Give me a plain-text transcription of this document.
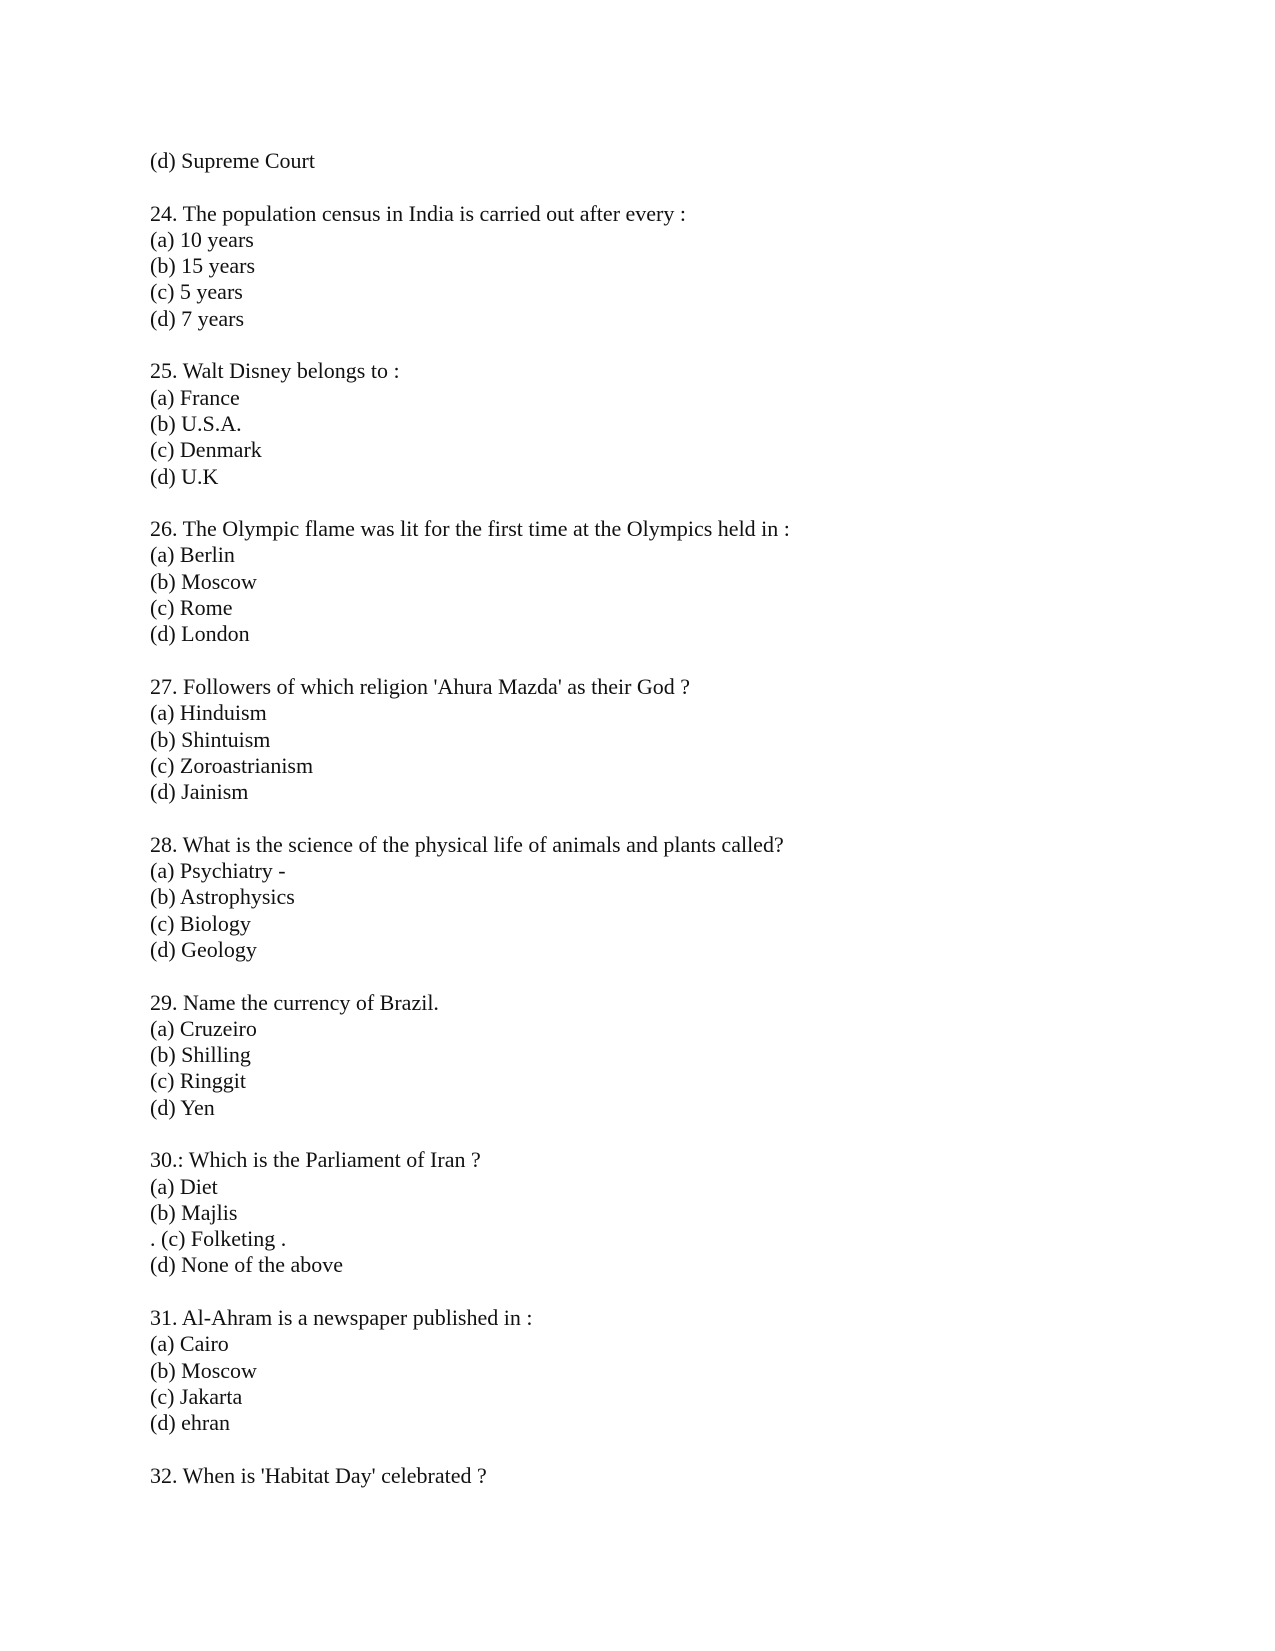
(d) Supreme Court
24. The population census in India is carried out after every :
(a) 10 years
(b) 15 years
(c) 5 years
(d) 7 years
25. Walt Disney belongs to :
(a) France
(b) U.S.A.
(c) Denmark
(d) U.K
26. The Olympic flame was lit for the first time at the Olympics held in :
(a) Berlin
(b) Moscow
(c) Rome
(d) London
27. Followers of which religion 'Ahura Mazda' as their God ?
(a) Hinduism
(b) Shintuism
(c) Zoroastrianism
(d) Jainism
28. What is the science of the physical life of animals and plants called?
(a) Psychiatry -
(b) Astrophysics
(c) Biology
(d) Geology
29. Name the currency of Brazil.
(a) Cruzeiro
(b) Shilling
(c) Ringgit
(d) Yen
30.: Which is the Parliament of Iran ?
(a) Diet
(b) Majlis
. (c) Folketing .
(d) None of the above
31. Al-Ahram is a newspaper published in :
(a) Cairo
(b) Moscow
(c) Jakarta
(d) ehran
32. When is 'Habitat Day' celebrated ?
